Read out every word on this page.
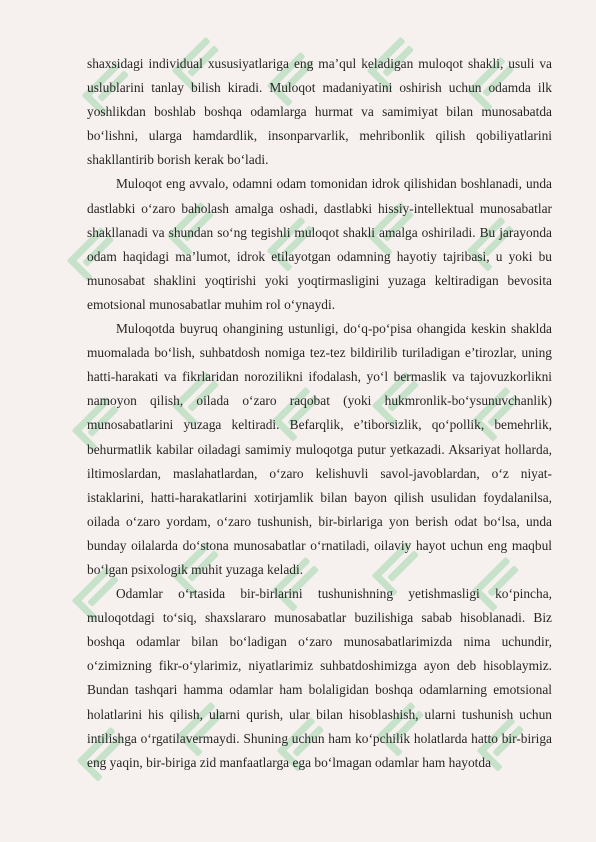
shaxsidagi individual xususiyatlariga eng ma’qul keladigan muloqot shakli, usuli va uslublarini tanlay bilish kiradi. Muloqot madaniyatini oshirish uchun odamda ilk yoshlikdan boshlab boshqa odamlarga hurmat va samimiyat bilan munosabatda bo‘lishni, ularga hamdardlik, insonparvarlik, mehribonlik qilish qobiliyatlarini shakllantirib borish kerak bo‘ladi.

Muloqot eng avvalo, odamni odam tomonidan idrok qilishidan boshlanadi, unda dastlabki o‘zaro baholash amalga oshadi, dastlabki hissiy-intellektual munosabatlar shakllanadi va shundan so‘ng tegishli muloqot shakli amalga oshiriladi. Bu jarayonda odam haqidagi ma’lumot, idrok etilayotgan odamning hayotiy tajribasi, u yoki bu munosabat shaklini yoqtirishi yoki yoqtirmasligini yuzaga keltiradigan bevosita emotsional munosabatlar muhim rol o‘ynaydi.

Muloqotda buyruq ohangining ustunligi, do‘q-po‘pisa ohangida keskin shaklda muomalada bo‘lish, suhbatdosh nomiga tez-tez bildirilib turiladigan e’tirozlar, uning hatti-harakati va fikrlaridan norozilikni ifodalash, yo‘l bermaslik va tajovuzkorlikni namoyon qilish, oilada o‘zaro raqobat (yoki hukmronlik-bo‘ysunuvchanlik) munosabatlarini yuzaga keltiradi. Befarqlik, e’tiborsizlik, qo‘pollik, bemehrlik, behurmatlik kabilar oiladagi samimiy muloqotga putur yetkazadi. Aksariyat hollarda, iltimoslardan, maslahatlardan, o‘zaro kelishuvli savol-javoblardan, o‘z niyat-istaklarini, hatti-harakatlarini xotirjamlik bilan bayon qilish usulidan foydalanilsa, oilada o‘zaro yordam, o‘zaro tushunish, bir-birlariga yon berish odat bo‘lsa, unda bunday oilalarda do‘stona munosabatlar o‘rnatiladi, oilaviy hayot uchun eng maqbul bo‘lgan psixologik muhit yuzaga keladi.

Odamlar o‘rtasida bir-birlarini tushunishning yetishmasligi ko‘pincha, muloqotdagi to‘siq, shaxslararo munosabatlar buzilishiga sabab hisoblanadi. Biz boshqa odamlar bilan bo‘ladigan o‘zaro munosabatlarimizda nima uchundir, o‘zimizning fikr-o‘ylarimiz, niyatlarimiz suhbatdoshimizga ayon deb hisoblaymiz. Bundan tashqari hamma odamlar ham bolaligidan boshqa odamlarning emotsional holatlarini his qilish, ularni qurish, ular bilan hisoblashish, ularni tushunish uchun intilishga o‘rgatilavermaydi. Shuning uchun ham ko‘pchilik holatlarda hatto bir-biriga eng yaqin, bir-biriga zid manfaatlarga ega bo‘lmagan odamlar ham hayotda
